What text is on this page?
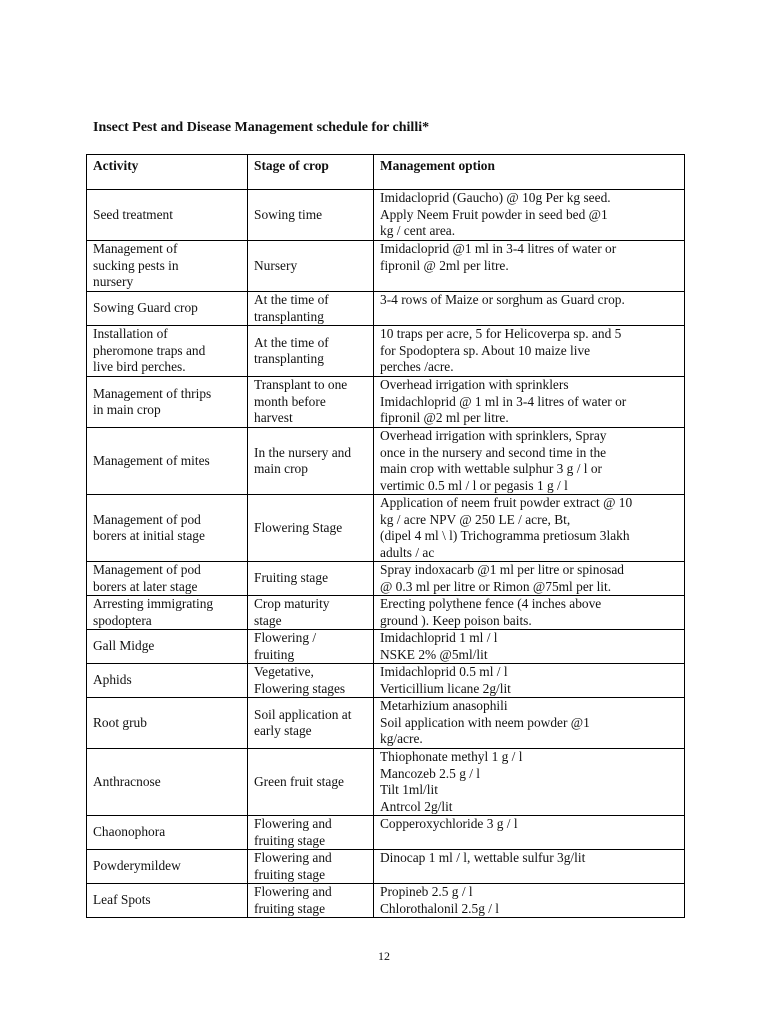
Insect Pest and Disease Management schedule for chilli*
Activity	Stage of crop	Management option

Seed treatment	Sowing time	Imidacloprid (Gaucho) @ 10g Per kg seed.
Apply Neem Fruit powder in seed bed @1
kg / cent area.

Management of
sucking pests in
nursery	Nursery	Imidacloprid @1 ml in 3-4 litres of water or
fipronil @ 2ml per litre.

Sowing Guard crop	At the time of
transplanting	3-4 rows of Maize or sorghum as Guard crop.

Installation of
pheromone traps and
live bird perches.	At the time of
transplanting	10 traps per acre, 5 for Helicoverpa sp. and 5
for Spodoptera sp. About 10 maize live
perches /acre.

Management of thrips
in main crop	Transplant to one
month before
harvest	Overhead irrigation with sprinklers
Imidachloprid @ 1 ml in 3-4 litres of water or
fipronil @2 ml per litre.

Management of mites	In the nursery and
main crop	Overhead irrigation with sprinklers, Spray
once in the nursery and second time in the
main crop with wettable sulphur 3 g / l or
vertimic 0.5 ml / l or pegasis 1 g / l

Management of pod
borers at initial stage	Flowering Stage	Application of neem fruit powder extract @ 10
kg / acre NPV @ 250 LE / acre, Bt,
(dipel 4 ml \ l) Trichogramma pretiosum 3lakh
adults / ac

Management of pod
borers at later stage	Fruiting stage	Spray indoxacarb @1 ml per litre or spinosad
@ 0.3 ml per litre or Rimon @75ml per lit.

Arresting immigrating
spodoptera	Crop maturity
stage	Erecting polythene fence (4 inches above
ground ). Keep poison baits.

Gall Midge	Flowering /
fruiting	Imidachloprid 1 ml / l
NSKE 2% @5ml/lit

Aphids	Vegetative,
Flowering stages	Imidachloprid 0.5 ml / l
Verticillium licane 2g/lit

Root grub	Soil application at
early stage	Metarhizium anasophili
Soil application with neem powder @1
kg/acre.

Anthracnose	Green fruit stage	Thiophonate methyl 1 g / l
Mancozeb 2.5 g / l
Tilt 1ml/lit
Antrcol 2g/lit

Chaonophora	Flowering and
fruiting stage	Copperoxychloride 3 g / l

Powderymildew	Flowering and
fruiting stage	Dinocap 1 ml / l, wettable sulfur 3g/lit

Leaf Spots	Flowering and
fruiting stage	Propineb 2.5 g / l
Chlorothalonil 2.5g / l
12
